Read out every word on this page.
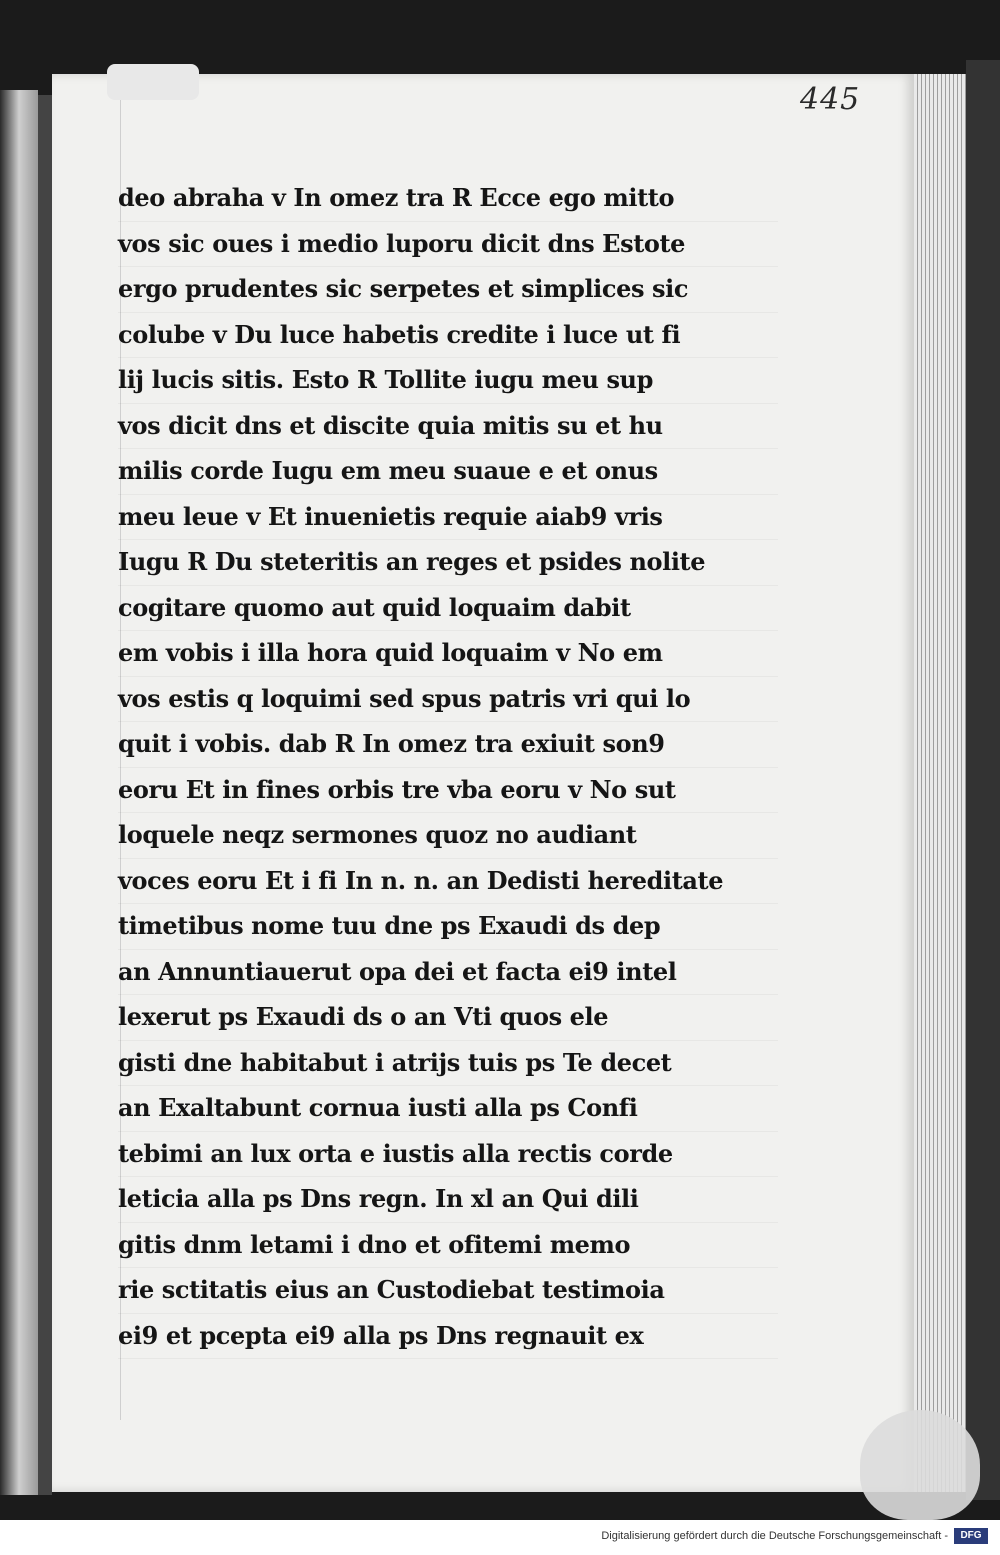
445
deo abraha v In omez tra R Ecce ego mitto
vos sic oues i medio luporu dicit dns Estote
ergo prudentes sic serpetes et simplices sic
colube v Du luce habetis credite i luce ut fi
lij lucis sitis. Esto R Tollite iugu meu sup
vos dicit dns et discite quia mitis su et hu
milis corde Iugu em meu suaue e et onus
meu leue v Et inuenietis requie aiab9 vris
Iugu R Du steteritis an reges et psides nolite
cogitare quomo aut quid loquaim dabit
em vobis i illa hora quid loquaim v No em
vos estis q loquimi sed spus patris vri qui lo
quit i vobis. dab R In omez tra exiuit son9
eoru Et in fines orbis tre vba eoru v No sut
loquele neqz sermones quoz no audiant
voces eoru Et i fi In n. n. an Dedisti hereditate
timetibus nome tuu dne ps Exaudi ds dep
an Annuntiauerut opa dei et facta ei9 intel
lexerut ps Exaudi ds o an Vti quos ele
gisti dne habitabut i atrijs tuis ps Te decet
an Exaltabunt cornua iusti alla ps Confi
tebimi an lux orta e iustis alla rectis corde
leticia alla ps Dns regn. In xl an Qui dili
gitis dnm letami i dno et ofitemi memo
rie sctitatis eius an Custodiebat testimoia
ei9 et pcepta ei9 alla ps Dns regnauit ex
Digitalisierung gefördert durch die Deutsche Forschungsgemeinschaft -	DFG
